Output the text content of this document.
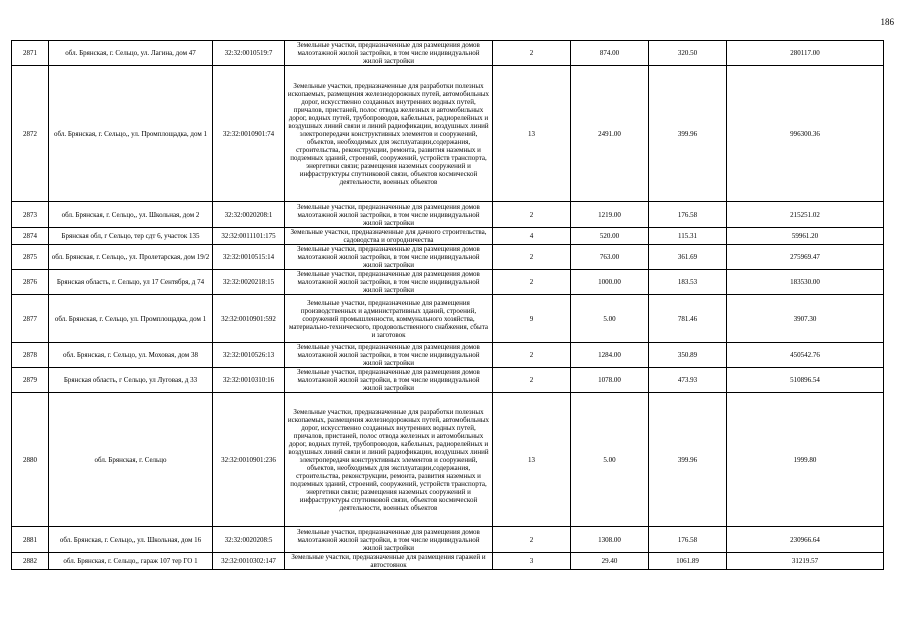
186
2871	обл. Брянская, г. Сельцо, ул. Лагина, дом 47	32:32:0010519:7	Земельные участки, предназначенные для размещения домов малоэтажной жилой застройки, в том числе индивидуальной жилой застройки	2	874.00	320.50	280117.00
2872	обл. Брянская, г. Сельцо,, ул. Промплощадка, дом 1	32:32:0010901:74	Земельные участки, предназначенные для разработки полезных ископаемых, размещения железнодорожных путей, автомобильных дорог, искусственно созданных внутренних водных путей, причалов, пристаней, полос отвода железных и автомобильных дорог, водных путей, трубопроводов, кабельных, радиорелейных и воздушных линий связи и линий радиофикации, воздушных линий электропередачи конструктивных элементов и сооружений, объектов, необходимых для эксплуатации,содержания, строительства, реконструкции, ремонта, развития наземных и подземных зданий, строений, сооружений, устройств транспорта, энергетики связи; размещения наземных сооружений и инфраструктуры спутниковой связи, объектов космической деятельности, военных объектов	13	2491.00	399.96	996300.36
2873	обл. Брянская, г. Сельцо,, ул. Школьная, дом 2	32:32:0020208:1	Земельные участки, предназначенные для размещения домов малоэтажной жилой застройки, в том числе индивидуальной жилой застройки	2	1219.00	176.58	215251.02
2874	Брянская обл, г Сельцо, тер сдт 6, участок 135	32:32:0011101:175	Земельные участки, предназначенные для дачного строительства, садоводства и огородничества	4	520.00	115.31	59961.20
2875	обл. Брянская, г. Сельцо,, ул. Пролетарская, дом 19/2	32:32:0010515:14	Земельные участки, предназначенные для размещения домов малоэтажной жилой застройки, в том числе индивидуальной жилой застройки	2	763.00	361.69	275969.47
2876	Брянская область, г. Сельцо, ул 17 Сентября, д 74	32:32:0020218:15	Земельные участки, предназначенные для размещения домов малоэтажной жилой застройки, в том числе индивидуальной жилой застройки	2	1000.00	183.53	183530.00
2877	обл. Брянская, г. Сельцо, ул. Промплощадка, дом 1	32:32:0010901:592	Земельные участки, предназначенные для размещения производственных и административных зданий, строений, сооружений промышленности, коммунального хозяйства, материально-технического, продовольственного снабжения, сбыта и заготовок	9	5.00	781.46	3907.30
2878	обл. Брянская, г. Сельцо, ул. Моховая, дом 38	32:32:0010526:13	Земельные участки, предназначенные для размещения домов малоэтажной жилой застройки, в том числе индивидуальной жилой застройки	2	1284.00	350.89	450542.76
2879	Брянская область, г Сельцо, ул Луговая, д 33	32:32:0010310:16	Земельные участки, предназначенные для размещения домов малоэтажной жилой застройки, в том числе индивидуальной жилой застройки	2	1078.00	473.93	510896.54
2880	обл. Брянская, г. Сельцо	32:32:0010901:236	Земельные участки, предназначенные для разработки полезных ископаемых, размещения железнодорожных путей, автомобильных дорог, искусственно созданных внутренних водных путей, причалов, пристаней, полос отвода железных и автомобильных дорог, водных путей, трубопроводов, кабельных, радиорелейных и воздушных линий связи и линий радиофикации, воздушных линий электропередачи конструктивных элементов и сооружений, объектов, необходимых для эксплуатации,содержания, строительства, реконструкции, ремонта, развития наземных и подземных зданий, строений, сооружений, устройств транспорта, энергетики связи; размещения наземных сооружений и инфраструктуры спутниковой связи, объектов космической деятельности, военных объектов	13	5.00	399.96	1999.80
2881	обл. Брянская, г. Сельцо,, ул. Школьная, дом 16	32:32:0020208:5	Земельные участки, предназначенные для размещения домов малоэтажной жилой застройки, в том числе индивидуальной жилой застройки	2	1308.00	176.58	230966.64
2882	обл. Брянская, г. Сельцо,, гараж 107 тер ГО 1	32:32:0010302:147	Земельные участки, предназначенные для размещения гаражей и автостоянок	3	29.40	1061.89	31219.57
